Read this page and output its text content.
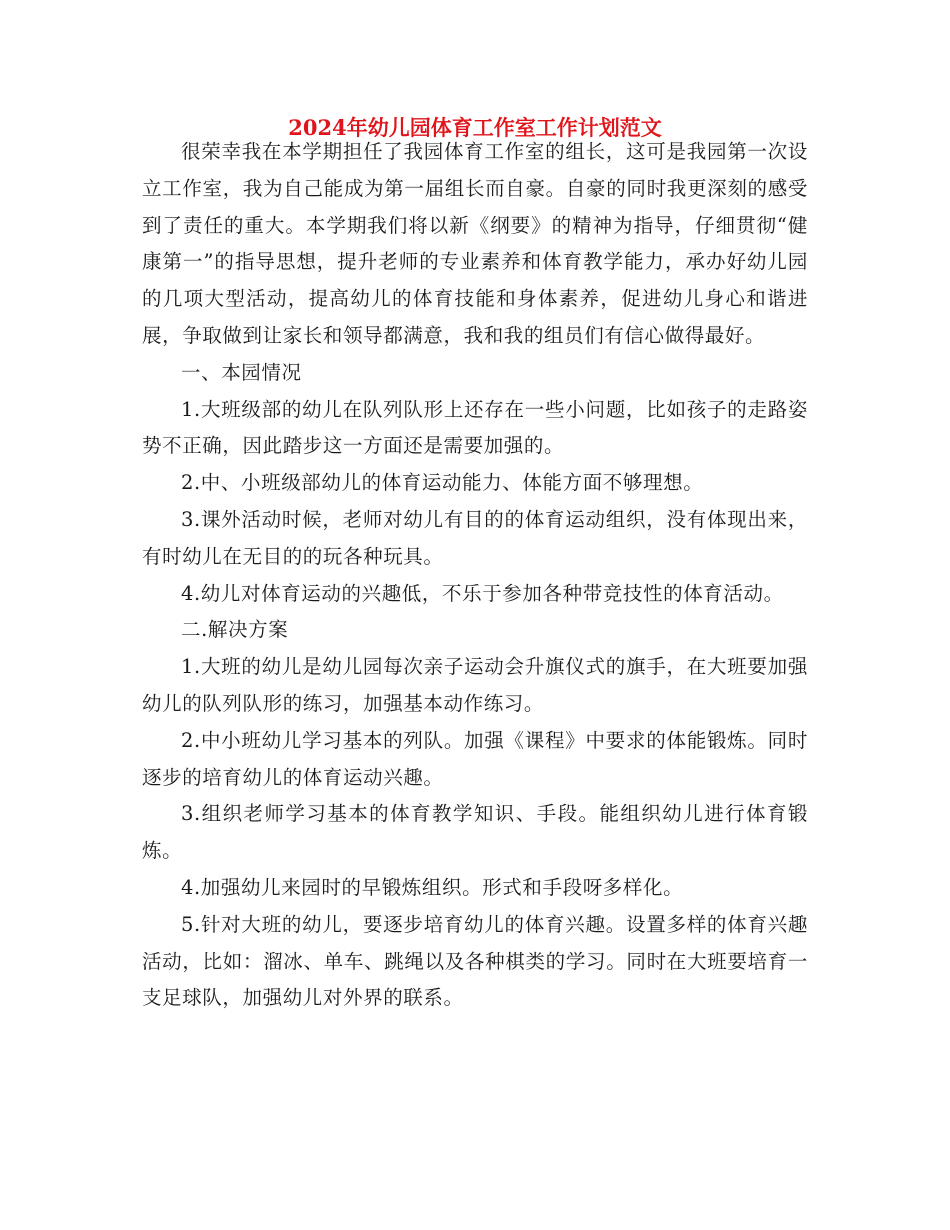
2024年幼儿园体育工作室工作计划范文

很荣幸我在本学期担任了我园体育工作室的组长，这可是我园第一次设立工作室，我为自己能成为第一届组长而自豪。自豪的同时我更深刻的感受到了责任的重大。本学期我们将以新《纲要》的精神为指导，仔细贯彻“健康第一”的指导思想，提升老师的专业素养和体育教学能力，承办好幼儿园的几项大型活动，提高幼儿的体育技能和身体素养，促进幼儿身心和谐进展，争取做到让家长和领导都满意，我和我的组员们有信心做得最好。

一、本园情况

1.大班级部的幼儿在队列队形上还存在一些小问题，比如孩子的走路姿势不正确，因此踏步这一方面还是需要加强的。

2.中、小班级部幼儿的体育运动能力、体能方面不够理想。

3.课外活动时候，老师对幼儿有目的的体育运动组织，没有体现出来，有时幼儿在无目的的玩各种玩具。

4.幼儿对体育运动的兴趣低，不乐于参加各种带竞技性的体育活动。

二.解决方案

1.大班的幼儿是幼儿园每次亲子运动会升旗仪式的旗手，在大班要加强幼儿的队列队形的练习，加强基本动作练习。

2.中小班幼儿学习基本的列队。加强《课程》中要求的体能锻炼。同时逐步的培育幼儿的体育运动兴趣。

3.组织老师学习基本的体育教学知识、手段。能组织幼儿进行体育锻炼。

4.加强幼儿来园时的早锻炼组织。形式和手段呀多样化。

5.针对大班的幼儿，要逐步培育幼儿的体育兴趣。设置多样的体育兴趣活动，比如：溜冰、单车、跳绳以及各种棋类的学习。同时在大班要培育一支足球队，加强幼儿对外界的联系。
